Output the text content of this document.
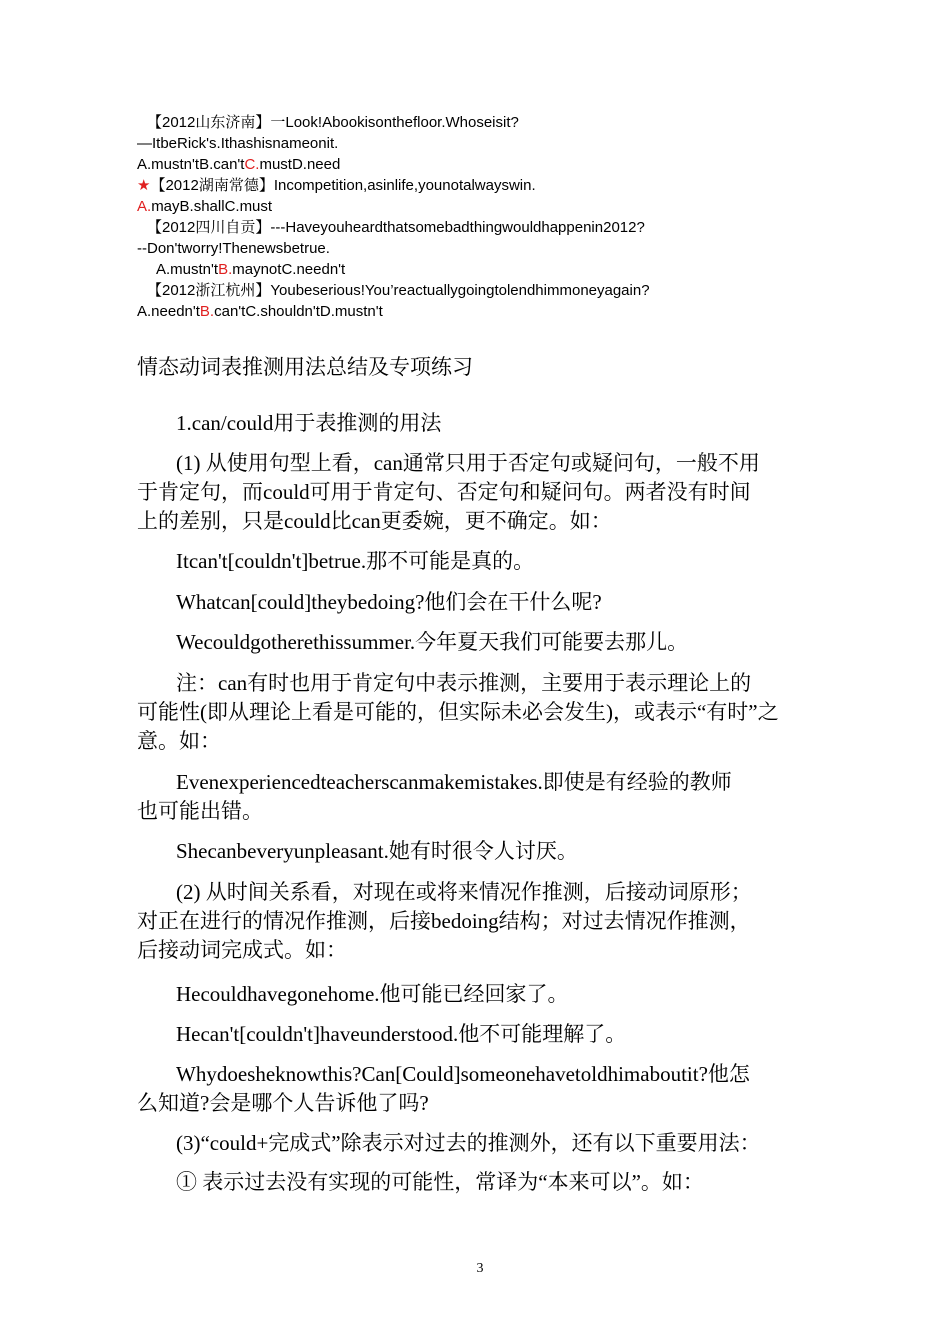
【2012山东济南】一Look!Abookisonthefloor.Whoseisit?

—ItbeRick's.Ithashisnameonit.

A.mustn'tB.can'tC.mustD.need

★【2012湖南常德】Incompetition,asinlife,younotalwayswin.

A.mayB.shallC.must

【2012四川自贡】---Haveyouheardthatsomebadthingwouldhappenin2012?

--Don'tworry!Thenewsbetrue.

A.mustn'tB.maynotC.needn't

【2012浙江杭州】Youbeserious!You’reactuallygoingtolendhimmoneyagain?

A.needn'tB.can'tC.shouldn'tD.mustn't

情态动词表推测用法总结及专项练习

1.can/could用于表推测的用法

(1) 从使用句型上看，can通常只用于否定句或疑问句，一般不用

于肯定句，而could可用于肯定句、否定句和疑问句。两者没有时间

上的差别，只是could比can更委婉，更不确定。如：

Itcan't[couldn't]betrue.那不可能是真的。

Whatcan[could]theybedoing?他们会在干什么呢?

Wecouldgotherethissummer.今年夏天我们可能要去那儿。

注：can有时也用于肯定句中表示推测，主要用于表示理论上的

可能性(即从理论上看是可能的，但实际未必会发生)，或表示“有时”之

意。如：

Evenexperiencedteacherscanmakemistakes.即使是有经验的教师

也可能出错。

Shecanbeveryunpleasant.她有时很令人讨厌。

(2) 从时间关系看，对现在或将来情况作推测，后接动词原形；

对正在进行的情况作推测，后接bedoing结构；对过去情况作推测，

后接动词完成式。如：

Hecouldhavegonehome.他可能已经回家了。

Hecan't[couldn't]haveunderstood.他不可能理解了。

Whydoesheknowthis?Can[Could]someonehavetoldhimaboutit?他怎

么知道?会是哪个人告诉他了吗?

(3)“could+完成式”除表示对过去的推测外，还有以下重要用法：

① 表示过去没有实现的可能性，常译为“本来可以”。如：

3
